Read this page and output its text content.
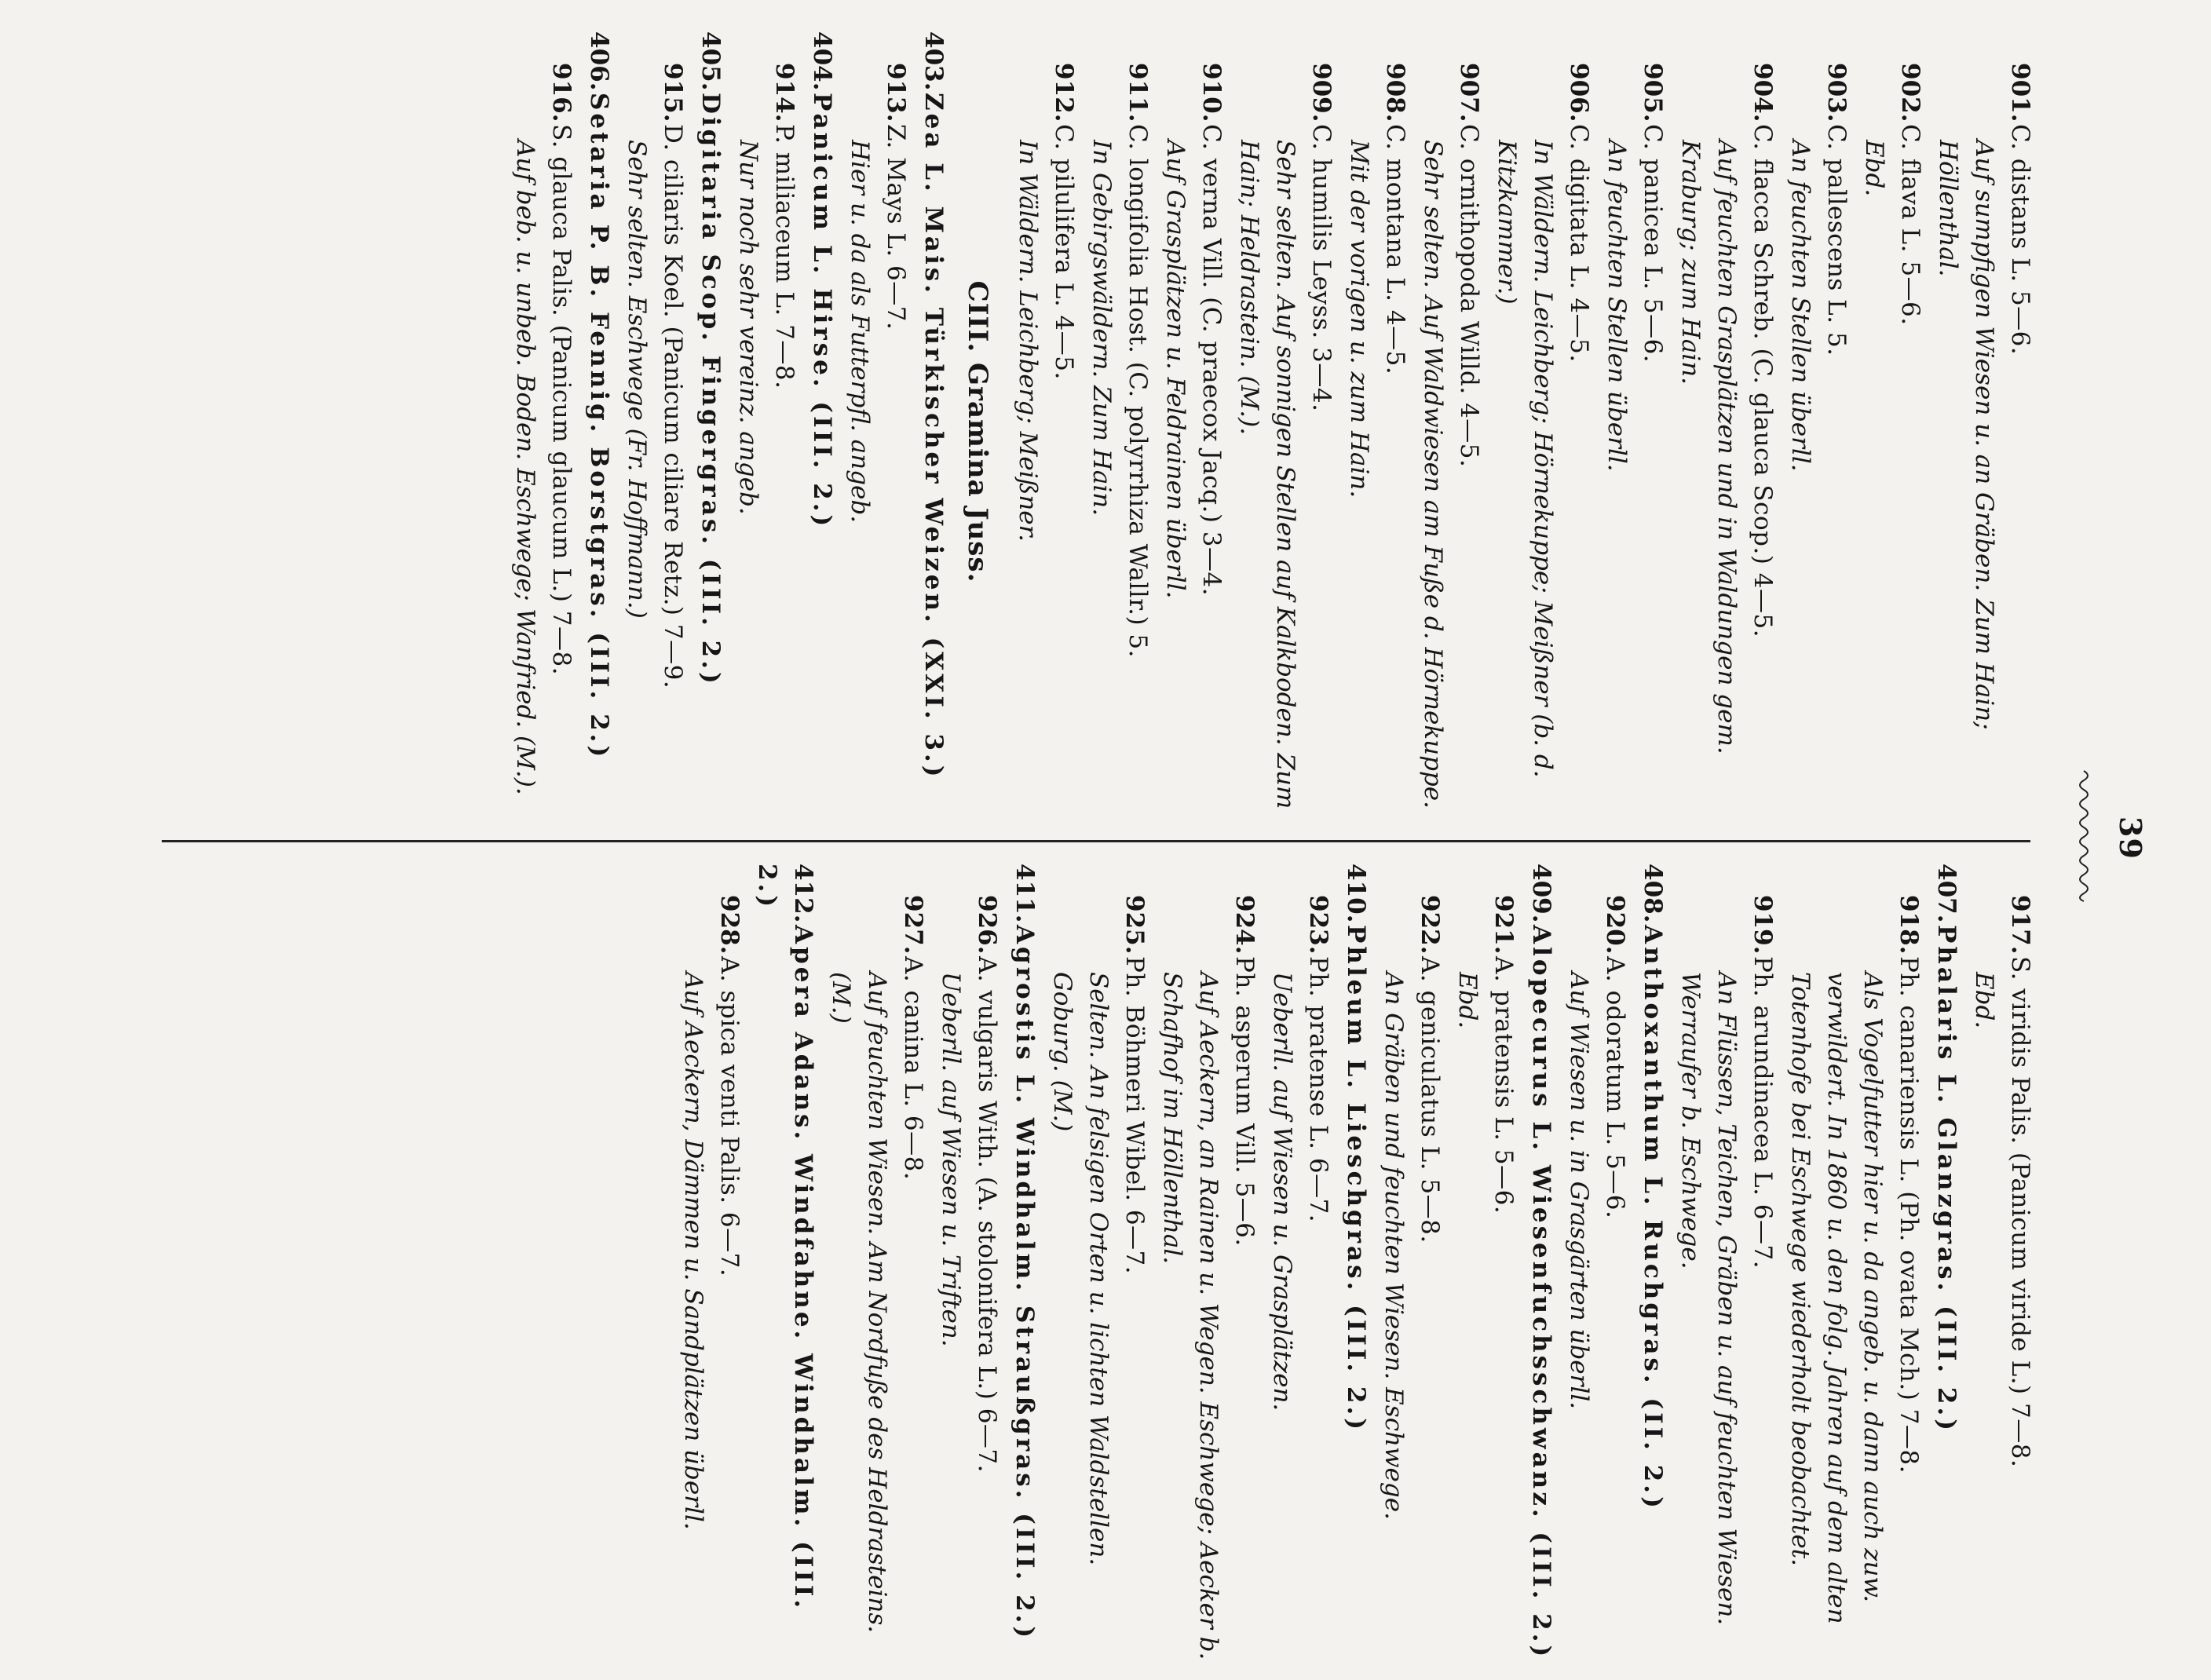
39
901.C. distans L. 5—6.
Auf sumpfigen Wiesen u. an Gräben. Zum Hain; Höllenthal.
902.C. flava L. 5—6.
Ebd.
903.C. pallescens L. 5.
An feuchten Stellen überll.
904.C. flacca Schreb. (C. glauca Scop.) 4—5.
Auf feuchten Grasplätzen und in Waldungen gem. Kraburg; zum Hain.
905.C. panicea L. 5—6.
An feuchten Stellen überll.
906.C. digitata L. 4—5.
In Wäldern. Leichberg; Hörnekuppe; Meißner (b. d. Kitzkammer.)
907.C. ornithopoda Willd. 4—5.
Sehr selten. Auf Waldwiesen am Fuße d. Hörnekuppe.
908.C. montana L. 4—5.
Mit der vorigen u. zum Hain.
909.C. humilis Leyss. 3—4.
Sehr selten. Auf sonnigen Stellen auf Kalkboden. Zum Hain; Heldrastein. (M.).
910.C. verna Vill. (C. praecox Jacq.) 3—4.
Auf Grasplätzen u. Feldrainen überll.
911.C. longifolia Host. (C. polyrrhiza Wallr.) 5.
In Gebirgswäldern. Zum Hain.
912.C. pilulifera L. 4—5.
In Wäldern. Leichberg; Meißner.
CIII. Gramina Juss.
403.Zea L. Mais. Türkischer Weizen. (XXI. 3.)
913.Z. Mays L. 6—7.
Hier u. da als Futterpfl. angeb.
404.Panicum L. Hirse. (III. 2.)
914.P. miliaceum L. 7—8.
Nur noch sehr vereinz. angeb.
405.Digitaria Scop. Fingergras. (III. 2.)
915.D. ciliaris Koel. (Panicum ciliare Retz.) 7—9.
Sehr selten. Eschwege (Fr. Hoffmann.)
406.Setaria P. B. Fennig. Borstgras. (III. 2.)
916.S. glauca Palis. (Panicum glaucum L.) 7—8.
Auf beb. u. unbeb. Boden. Eschwege; Wanfried. (M.).
917.S. viridis Palis. (Panicum viride L.) 7—8.
Ebd.
407.Phalaris L. Glanzgras. (III. 2.)
918.Ph. canariensis L. (Ph. ovata Mch.) 7—8.
Als Vogelfutter hier u. da angeb. u. dann auch zuw. verwildert. In 1860 u. den folg. Jahren auf dem alten Totenhofe bei Eschwege wiederholt beobachtet.
919.Ph. arundinacea L. 6—7.
An Flüssen, Teichen, Gräben u. auf feuchten Wiesen. Werraufer b. Eschwege.
408.Anthoxanthum L. Ruchgras. (II. 2.)
920.A. odoratum L. 5—6.
Auf Wiesen u. in Grasgärten überll.
409.Alopecurus L. Wiesenfuchsschwanz. (III. 2.)
921.A. pratensis L. 5—6.
Ebd.
922.A. geniculatus L. 5—8.
An Gräben und feuchten Wiesen. Eschwege.
410.Phleum L. Lieschgras. (III. 2.)
923.Ph. pratense L. 6—7.
Ueberll. auf Wiesen u. Grasplätzen.
924.Ph. asperum Vill. 5—6.
Auf Aeckern, an Rainen u. Wegen. Eschwege; Aecker b. Schafhof im Höllenthal.
925.Ph. Böhmeri Wibel. 6—7.
Selten. An felsigen Orten u. lichten Waldstellen. Goburg. (M.)
411.Agrostis L. Windhalm. Straußgras. (III. 2.)
926.A. vulgaris With. (A. stolonifera L.) 6—7.
Ueberll. auf Wiesen u. Triften.
927.A. canina L. 6—8.
Auf feuchten Wiesen. Am Nordfuße des Heldrasteins. (M.)
412.Apera Adans. Windfahne. Windhalm. (III. 2.)
928.A. spica venti Palis. 6—7.
Auf Aeckern, Dämmen u. Sandplätzen überll.
